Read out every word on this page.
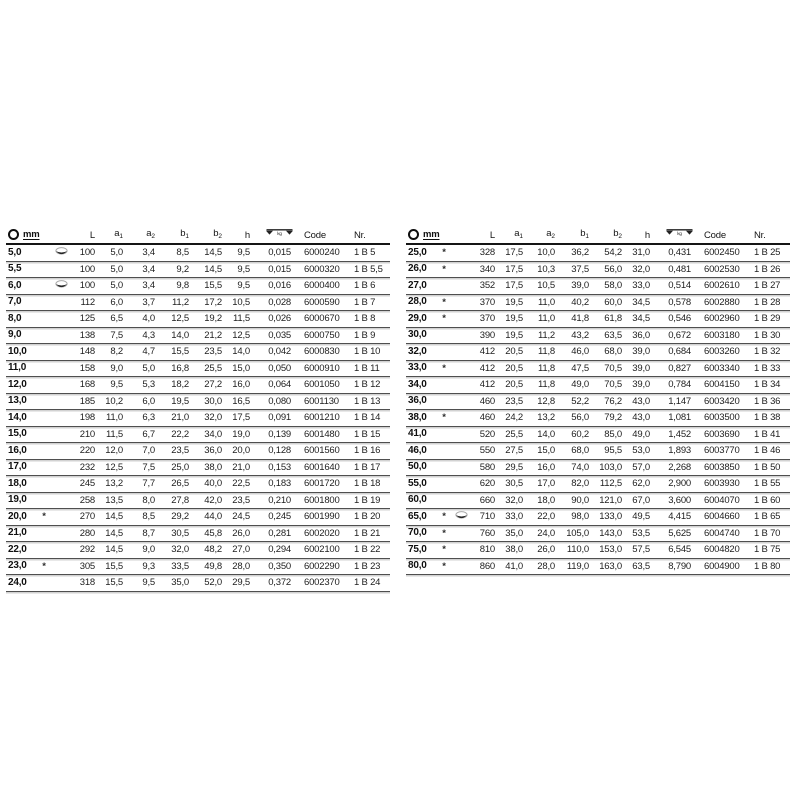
mm	L	$a_1$	$a_2$	$b_1$	$b_2$	h	kg	Code	Nr.
5,0	100	5,0	3,4	8,5	14,5	9,5	0,015	6000240	1 B 5
5,5	100	5,0	3,4	9,2	14,5	9,5	0,015	6000320	1 B 5,5
6,0	100	5,0	3,4	9,8	15,5	9,5	0,016	6000400	1 B 6
7,0	112	6,0	3,7	11,2	17,2	10,5	0,028	6000590	1 B 7
8,0	125	6,5	4,0	12,5	19,2	11,5	0,026	6000670	1 B 8
9,0	138	7,5	4,3	14,0	21,2	12,5	0,035	6000750	1 B 9
10,0	148	8,2	4,7	15,5	23,5	14,0	0,042	6000830	1 B 10
11,0	158	9,0	5,0	16,8	25,5	15,0	0,050	6000910	1 B 11
12,0	168	9,5	5,3	18,2	27,2	16,0	0,064	6001050	1 B 12
13,0	185	10,2	6,0	19,5	30,0	16,5	0,080	6001130	1 B 13
14,0	198	11,0	6,3	21,0	32,0	17,5	0,091	6001210	1 B 14
15,0	210	11,5	6,7	22,2	34,0	19,0	0,139	6001480	1 B 15
16,0	220	12,0	7,0	23,5	36,0	20,0	0,128	6001560	1 B 16
17,0	232	12,5	7,5	25,0	38,0	21,0	0,153	6001640	1 B 17
18,0	245	13,2	7,7	26,5	40,0	22,5	0,183	6001720	1 B 18
19,0	258	13,5	8,0	27,8	42,0	23,5	0,210	6001800	1 B 19
20,0	*	270	14,5	8,5	29,2	44,0	24,5	0,245	6001990	1 B 20
21,0	280	14,5	8,7	30,5	45,8	26,0	0,281	6002020	1 B 21
22,0	292	14,5	9,0	32,0	48,2	27,0	0,294	6002100	1 B 22
23,0	*	305	15,5	9,3	33,5	49,8	28,0	0,350	6002290	1 B 23
24,0	318	15,5	9,5	35,0	52,0	29,5	0,372	6002370	1 B 24
mm	L	$a_1$	$a_2$	$b_1$	$b_2$	h	kg	Code	Nr.
25,0	*	328	17,5	10,0	36,2	54,2	31,0	0,431	6002450	1 B 25
26,0	*	340	17,5	10,3	37,5	56,0	32,0	0,481	6002530	1 B 26
27,0	352	17,5	10,5	39,0	58,0	33,0	0,514	6002610	1 B 27
28,0	*	370	19,5	11,0	40,2	60,0	34,5	0,578	6002880	1 B 28
29,0	*	370	19,5	11,0	41,8	61,8	34,5	0,546	6002960	1 B 29
30,0	390	19,5	11,2	43,2	63,5	36,0	0,672	6003180	1 B 30
32,0	412	20,5	11,8	46,0	68,0	39,0	0,684	6003260	1 B 32
33,0	*	412	20,5	11,8	47,5	70,5	39,0	0,827	6003340	1 B 33
34,0	412	20,5	11,8	49,0	70,5	39,0	0,784	6004150	1 B 34
36,0	460	23,5	12,8	52,2	76,2	43,0	1,147	6003420	1 B 36
38,0	*	460	24,2	13,2	56,0	79,2	43,0	1,081	6003500	1 B 38
41,0	520	25,5	14,0	60,2	85,0	49,0	1,452	6003690	1 B 41
46,0	550	27,5	15,0	68,0	95,5	53,0	1,893	6003770	1 B 46
50,0	580	29,5	16,0	74,0	103,0	57,0	2,268	6003850	1 B 50
55,0	620	30,5	17,0	82,0	112,5	62,0	2,900	6003930	1 B 55
60,0	660	32,0	18,0	90,0	121,0	67,0	3,600	6004070	1 B 60
65,0	*	710	33,0	22,0	98,0	133,0	49,5	4,415	6004660	1 B 65
70,0	*	760	35,0	24,0	105,0	143,0	53,5	5,625	6004740	1 B 70
75,0	*	810	38,0	26,0	110,0	153,0	57,5	6,545	6004820	1 B 75
80,0	*	860	41,0	28,0	119,0	163,0	63,5	8,790	6004900	1 B 80
